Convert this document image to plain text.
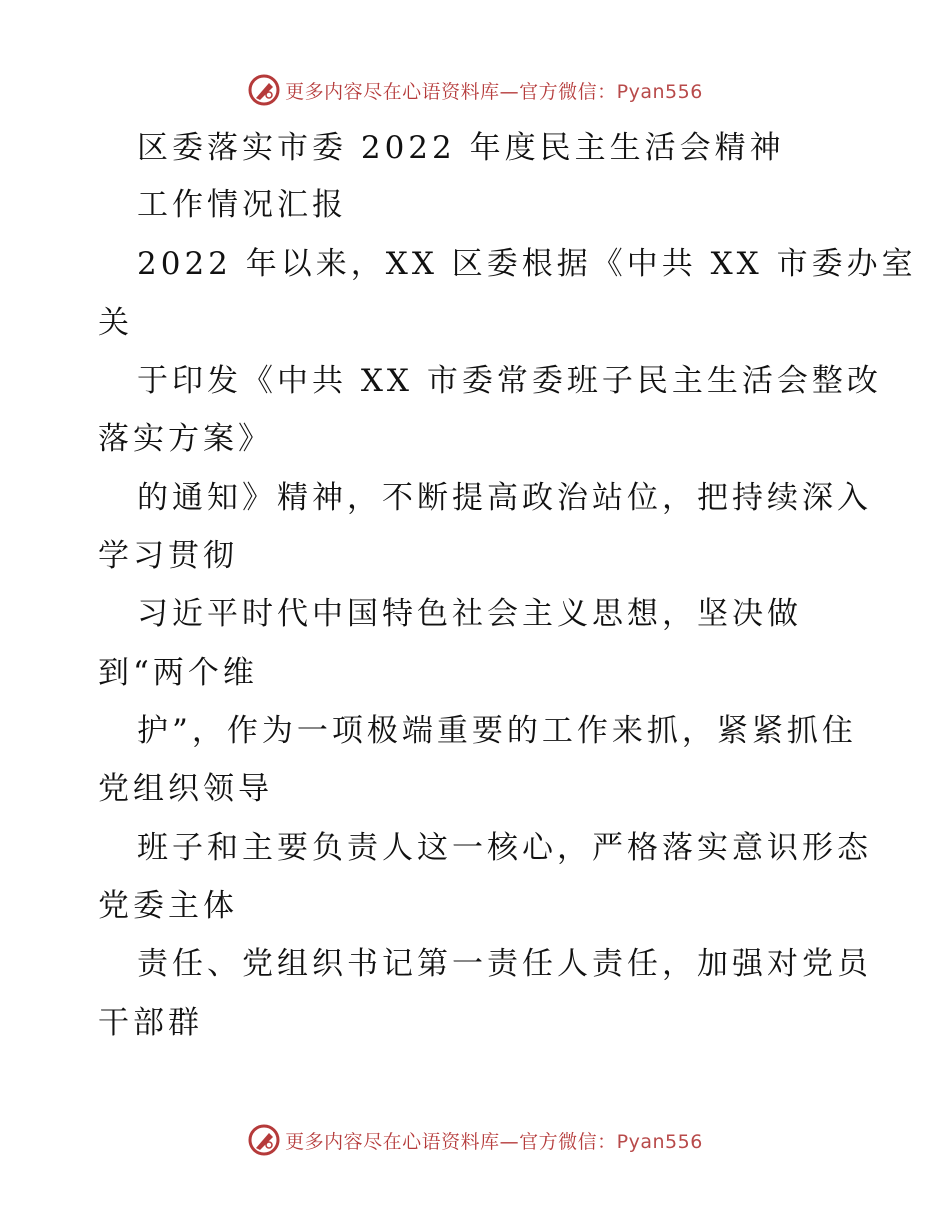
更多内容尽在心语资料库—官方微信：Pyan556
区委落实市委 2022 年度民主生活会精神
工作情况汇报
2022 年以来，XX 区委根据《中共 XX 市委办室
关
于印发《中共 XX 市委常委班子民主生活会整改
落实方案》
的通知》精神，不断提高政治站位，把持续深入
学习贯彻
习近平时代中国特色社会主义思想，坚决做
到“两个维
护”，作为一项极端重要的工作来抓，紧紧抓住
党组织领导
班子和主要负责人这一核心，严格落实意识形态
党委主体
责任、党组织书记第一责任人责任，加强对党员
干部群
更多内容尽在心语资料库—官方微信：Pyan556
